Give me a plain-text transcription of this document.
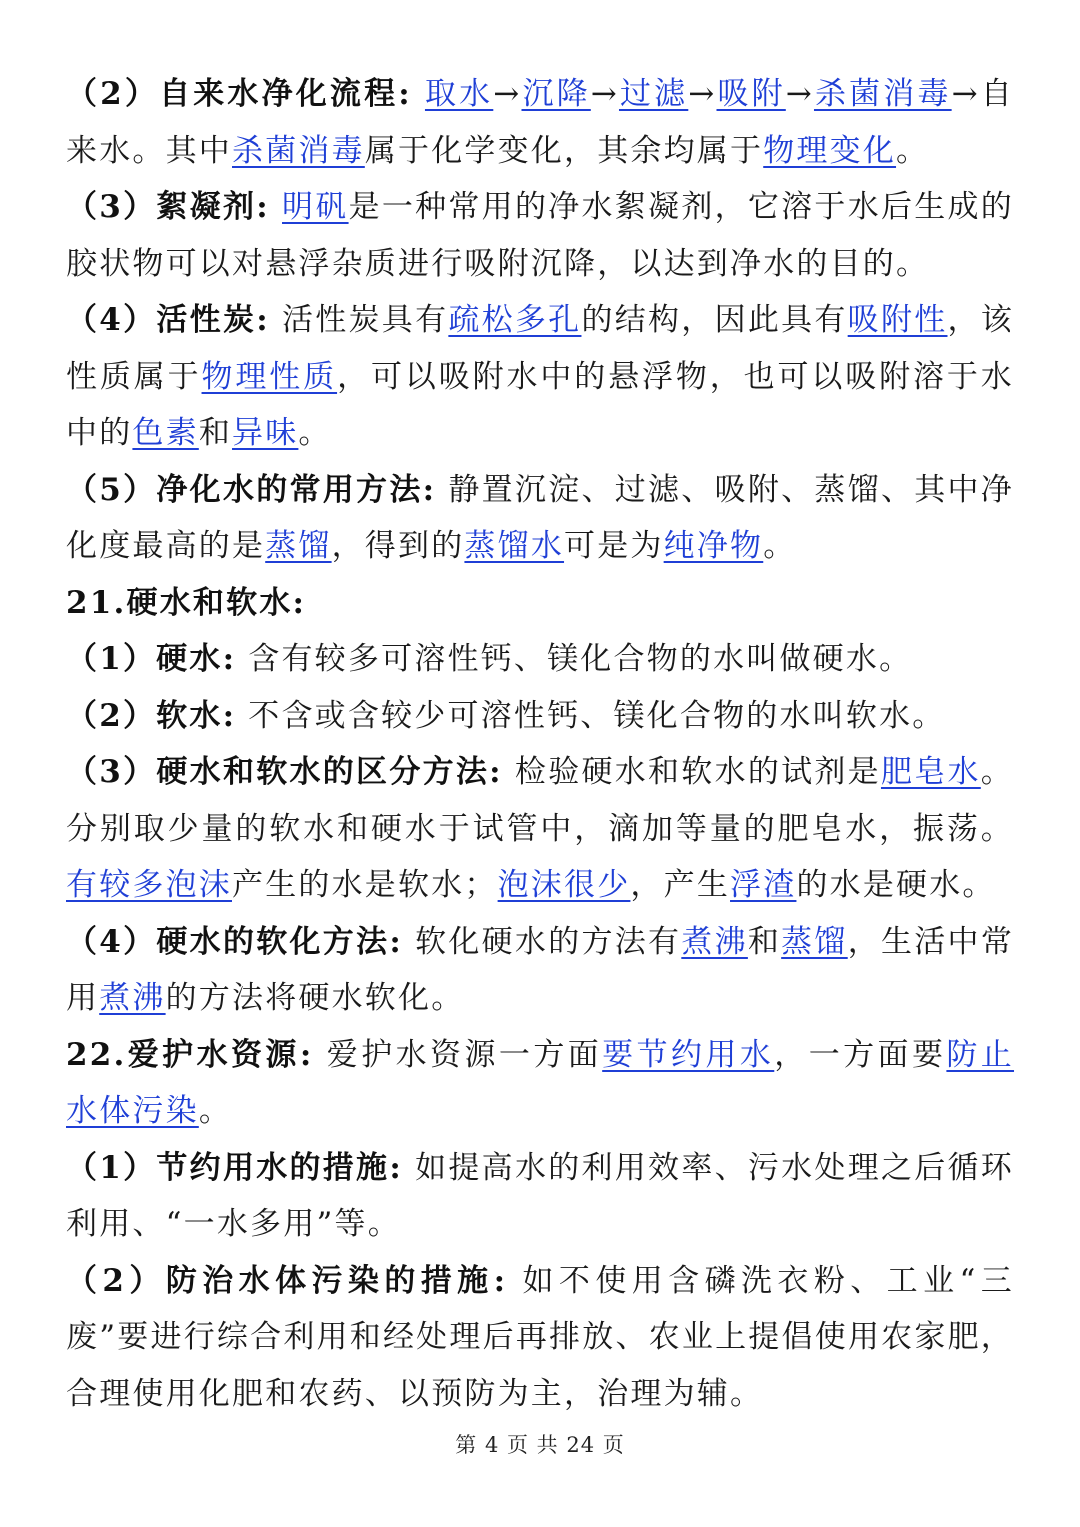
（2）自来水净化流程: 取水→沉降→过滤→吸附→杀菌消毒→自来水。其中杀菌消毒属于化学变化，其余均属于物理变化。

（3）絮凝剂: 明矾是一种常用的净水絮凝剂，它溶于水后生成的胶状物可以对悬浮杂质进行吸附沉降，以达到净水的目的。

（4）活性炭: 活性炭具有疏松多孔的结构，因此具有吸附性，该性质属于物理性质，可以吸附水中的悬浮物，也可以吸附溶于水中的色素和异味。

（5）净化水的常用方法: 静置沉淀、过滤、吸附、蒸馏、其中净化度最高的是蒸馏，得到的蒸馏水可是为纯净物。

21.硬水和软水:

（1）硬水: 含有较多可溶性钙、镁化合物的水叫做硬水。

（2）软水: 不含或含较少可溶性钙、镁化合物的水叫软水。

（3）硬水和软水的区分方法: 检验硬水和软水的试剂是肥皂水。分别取少量的软水和硬水于试管中，滴加等量的肥皂水，振荡。有较多泡沫产生的水是软水；泡沫很少，产生浮渣的水是硬水。

（4）硬水的软化方法: 软化硬水的方法有煮沸和蒸馏，生活中常用煮沸的方法将硬水软化。

22.爱护水资源: 爱护水资源一方面要节约用水，一方面要防止水体污染。

（1）节约用水的措施: 如提高水的利用效率、污水处理之后循环利用、“一水多用”等。

（2）防治水体污染的措施: 如不使用含磷洗衣粉、工业“三废”要进行综合利用和经处理后再排放、农业上提倡使用农家肥，合理使用化肥和农药、以预防为主，治理为辅。

第 4 页 共 24 页
